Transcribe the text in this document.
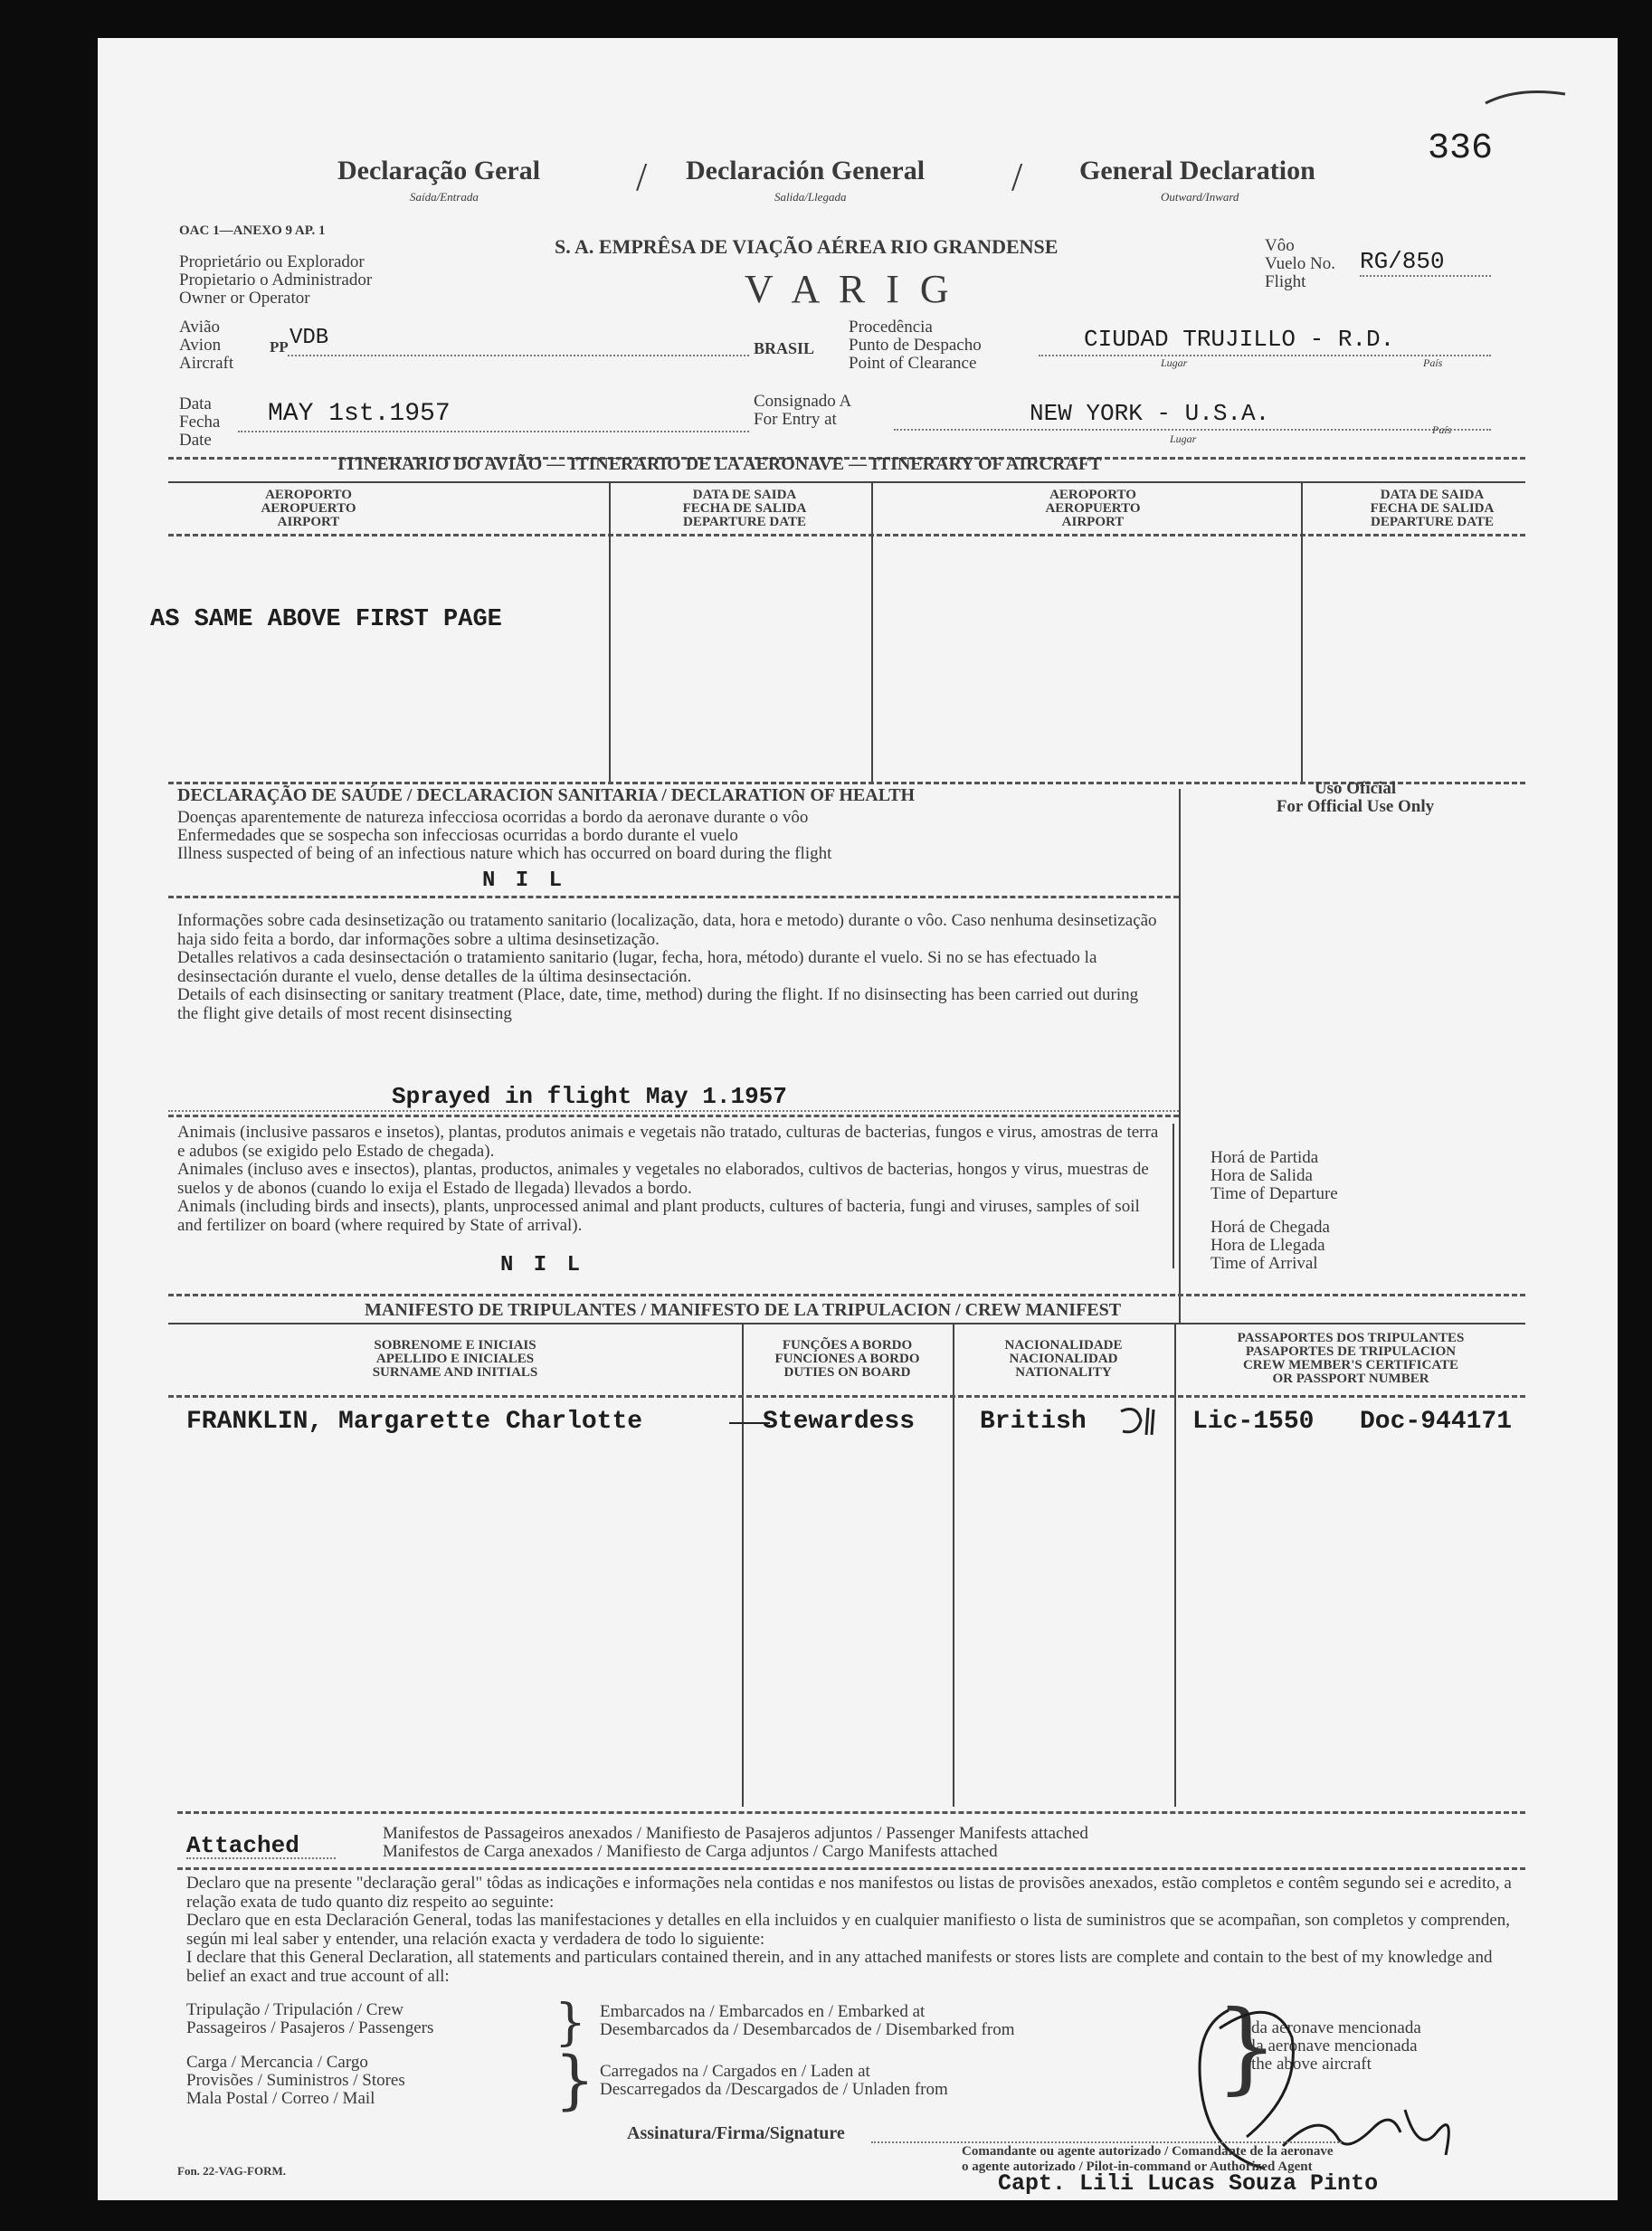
336
Declaração Geral
Saída/Entrada	/ Declaración General
Salida/Llegada	/ General Declaration
Outward/Inward
OAC 1—ANEXO 9 AP. 1
S. A. EMPRÊSA DE VIAÇÃO AÉREA RIO GRANDENSE
V A R I G
Proprietário ou Explorador
Propietario o Administrador
Owner or Operator
Vôo
Vuelo No.
Flight
RG/850
Avião
Avion
Aircraft
PP VDB	BRASIL
Procedência
Punto de Despacho
Point of Clearance
CIUDAD TRUJILLO - R.D.
Lugar	País
Data
Fecha
Date
MAY 1st.1957	Consignado A
For Entry at	NEW YORK - U.S.A.
Lugar
País
ITINERARIO DO AVIÃO — ITINERARIO DE LA AERONAVE — ITINERARY OF AIRCRAFT
AEROPORTO
AEROPUERTO
AIRPORT
DATA DE SAIDA
FECHA DE SALIDA
DEPARTURE DATE
AEROPORTO
AEROPUERTO
AIRPORT
DATA DE SAIDA
FECHA DE SALIDA
DEPARTURE DATE
AS SAME ABOVE FIRST PAGE
DECLARAÇÃO DE SAÚDE / DECLARACION SANITARIA / DECLARATION OF HEALTH	Uso Oficial
For Official Use Only
Doenças aparentemente de natureza infecciosa ocorridas a bordo da aeronave durante o vôo
Enfermedades que se sospecha son infecciosas ocurridas a bordo durante el vuelo
Illness suspected of being of an infectious nature which has occurred on board during the flight
N I L
Informações sobre cada desinsetização ou tratamento sanitario (localização, data, hora e metodo) durante o vôo. Caso nenhuma desinsetização haja sido feita a bordo, dar informações sobre a ultima desinsetização.
Detalles relativos a cada desinsectación o tratamiento sanitario (lugar, fecha, hora, método) durante el vuelo. Si no se has efectuado la desinsectación durante el vuelo, dense detalles de la última desinsectación.
Details of each disinsecting or sanitary treatment (Place, date, time, method) during the flight. If no disinsecting has been carried out during the flight give details of most recent disinsecting
Sprayed in flight May 1.1957
Animais (inclusive passaros e insetos), plantas, produtos animais e vegetais não tratado, culturas de bacterias, fungos e virus, amostras de terra e adubos (se exigido pelo Estado de chegada).
Animales (incluso aves e insectos), plantas, productos, animales y vegetales no elaborados, cultivos de bacterias, hongos y virus, muestras de suelos y de abonos (cuando lo exija el Estado de llegada) llevados a bordo.
Animals (including birds and insects), plants, unprocessed animal and plant products, cultures of bacteria, fungi and viruses, samples of soil and fertilizer on board (where required by State of arrival).
N I L
Horá de Partida
Hora de Salida
Time of Departure
Horá de Chegada
Hora de Llegada
Time of Arrival
MANIFESTO DE TRIPULANTES / MANIFESTO DE LA TRIPULACION / CREW MANIFEST
SOBRENOME E INICIAIS
APELLIDO E INICIALES
SURNAME AND INITIALS
FUNÇÕES A BORDO
FUNCIONES A BORDO
DUTIES ON BOARD
NACIONALIDADE
NACIONALIDAD
NATIONALITY
PASSAPORTES DOS TRIPULANTES
PASAPORTES DE TRIPULACION
CREW MEMBER'S CERTIFICATE
OR PASSPORT NUMBER
FRANKLIN, Margarette Charlotte	Stewardess	British	Lic-1550 Doc-944171
Attached	Manifestos de Passageiros anexados / Manifiesto de Pasajeros adjuntos / Passenger Manifests attached
Manifestos de Carga anexados / Manifiesto de Carga adjuntos / Cargo Manifests attached
Declaro que na presente "declaração geral" tôdas as indicações e informações nela contidas e nos manifestos ou listas de provisões anexados, estão completos e contêm segundo sei e acredito, a relação exata de tudo quanto diz respeito ao seguinte:
Declaro que en esta Declaración General, todas las manifestaciones y detalles en ella incluidos y en cualquier manifiesto o lista de suministros que se acompañan, son completos y comprenden, según mi leal saber y entender, una relación exacta y verdadera de todo lo siguiente:
I declare that this General Declaration, all statements and particulars contained therein, and in any attached manifests or stores lists are complete and contain to the best of my knowledge and belief an exact and true account of all:
Tripulação / Tripulación / Crew
Passageiros / Pasajeros / Passengers } Embarcados na / Embarcados en / Embarked at
Desembarcados da / Desembarcados de / Disembarked from
Carga / Mercancia / Cargo
Provisões / Suministros / Stores
Mala Postal / Correo / Mail	} Carregados na / Cargados en / Laden at
Descarregados da /Descargados de / Unladen from	}
da aeronave mencionada
la aeronave mencionada
the above aircraft
Assinatura/Firma/Signature
Comandante ou agente autorizado / Comandante de la aeronave
o agente autorizado / Pilot-in-command or Authorized Agent
Capt. Lili Lucas Souza Pinto
Fon. 22-VAG-FORM.
